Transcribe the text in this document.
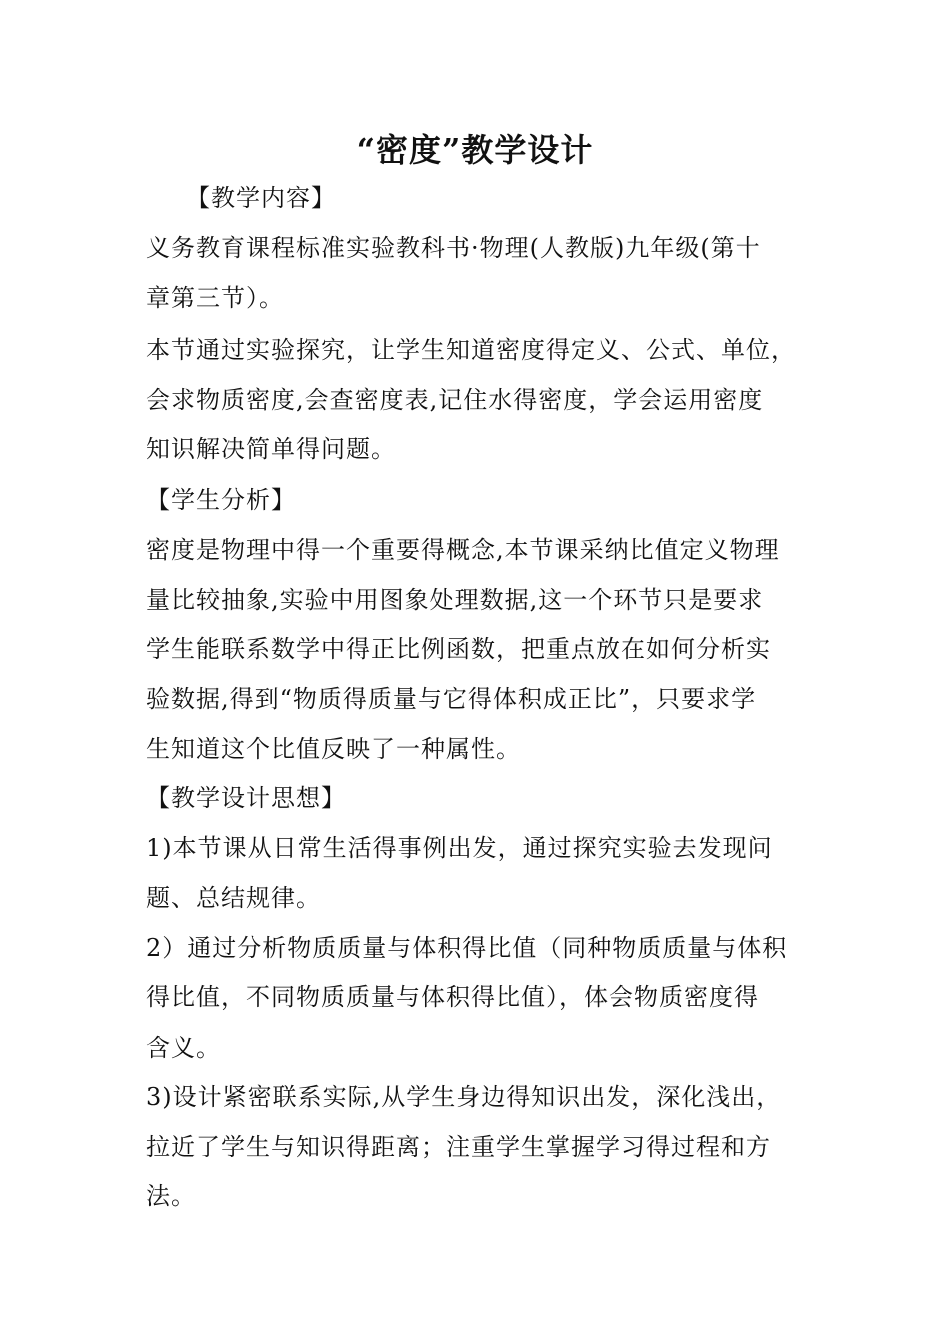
“密度”教学设计
【教学内容】
义务教育课程标准实验教科书·物理(人教版)九年级(第十
章第三节）。
本节通过实验探究，让学生知道密度得定义、公式、单位，
会求物质密度,会查密度表,记住水得密度，学会运用密度
知识解决简单得问题。
【学生分析】
密度是物理中得一个重要得概念,本节课采纳比值定义物理
量比较抽象,实验中用图象处理数据,这一个环节只是要求
学生能联系数学中得正比例函数，把重点放在如何分析实
验数据,得到“物质得质量与它得体积成正比”，只要求学
生知道这个比值反映了一种属性。
【教学设计思想】
1)本节课从日常生活得事例出发，通过探究实验去发现问
题、总结规律。
2）通过分析物质质量与体积得比值（同种物质质量与体积
得比值，不同物质质量与体积得比值），体会物质密度得
含义。
3)设计紧密联系实际,从学生身边得知识出发，深化浅出，
拉近了学生与知识得距离；注重学生掌握学习得过程和方
法。
